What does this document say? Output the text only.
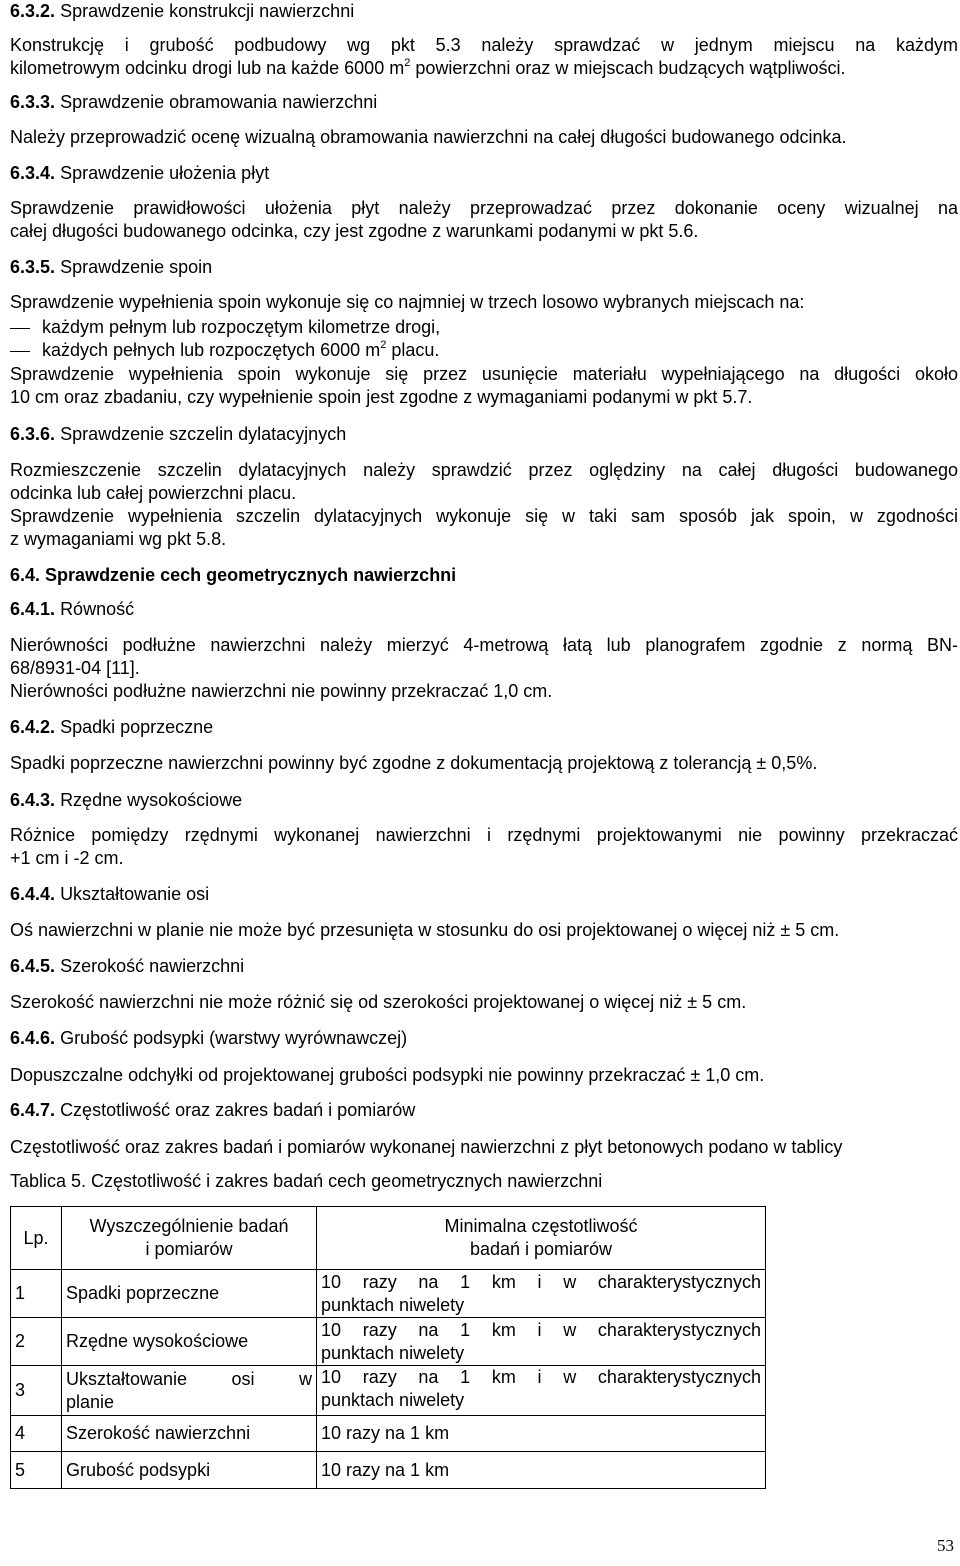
6.3.2. Sprawdzenie konstrukcji nawierzchni
Konstrukcję i grubość podbudowy wg pkt 5.3 należy sprawdzać w jednym miejscu na każdym
kilometrowym odcinku drogi lub na każde 6000 $m^2$ powierzchni oraz w miejscach budzących wątpliwości.
6.3.3. Sprawdzenie obramowania nawierzchni
Należy przeprowadzić ocenę wizualną obramowania nawierzchni na całej długości budowanego odcinka.
6.3.4. Sprawdzenie ułożenia płyt
Sprawdzenie prawidłowości ułożenia płyt należy przeprowadzać przez dokonanie oceny wizualnej na
całej długości budowanego odcinka, czy jest zgodne z warunkami podanymi w pkt 5.6.
6.3.5. Sprawdzenie spoin
Sprawdzenie wypełnienia spoin wykonuje się co najmniej w trzech losowo wybranych miejscach na:
każdym pełnym lub rozpoczętym kilometrze drogi,
każdych pełnych lub rozpoczętych 6000 $m^2$ placu.
Sprawdzenie wypełnienia spoin wykonuje się przez usunięcie materiału wypełniającego na długości około
10 cm oraz zbadaniu, czy wypełnienie spoin jest zgodne z wymaganiami podanymi w pkt 5.7.
6.3.6. Sprawdzenie szczelin dylatacyjnych
Rozmieszczenie szczelin dylatacyjnych należy sprawdzić przez oględziny na całej długości budowanego
odcinka lub całej powierzchni placu.
Sprawdzenie wypełnienia szczelin dylatacyjnych wykonuje się w taki sam sposób jak spoin, w zgodności
z wymaganiami wg pkt 5.8.
6.4. Sprawdzenie cech geometrycznych nawierzchni
6.4.1. Równość
Nierówności podłużne nawierzchni należy mierzyć 4-metrową łatą lub planografem zgodnie z normą BN-
68/8931-04 [11].
Nierówności podłużne nawierzchni nie powinny przekraczać 1,0 cm.
6.4.2. Spadki poprzeczne
Spadki poprzeczne nawierzchni powinny być zgodne z dokumentacją projektową z tolerancją ± 0,5%.
6.4.3. Rzędne wysokościowe
Różnice pomiędzy rzędnymi wykonanej nawierzchni i rzędnymi projektowanymi nie powinny przekraczać
+1 cm i -2 cm.
6.4.4. Ukształtowanie osi
Oś nawierzchni w planie nie może być przesunięta w stosunku do osi projektowanej o więcej niż ± 5 cm.
6.4.5. Szerokość nawierzchni
Szerokość nawierzchni nie może różnić się od szerokości projektowanej o więcej niż ± 5 cm.
6.4.6. Grubość podsypki (warstwy wyrównawczej)
Dopuszczalne odchyłki od projektowanej grubości podsypki nie powinny przekraczać ± 1,0 cm.
6.4.7. Częstotliwość oraz zakres badań i pomiarów
Częstotliwość oraz zakres badań i pomiarów wykonanej nawierzchni z płyt betonowych podano w tablicy
Tablica 5. Częstotliwość i zakres badań cech geometrycznych nawierzchni
Lp.	Wyszczególnienie badań
i pomiarów	Minimalna częstotliwość
badań i pomiarów
1	Spadki poprzeczne	10 razy na 1 km i w charakterystycznych
punktach niwelety
2	Rzędne wysokościowe	10 razy na 1 km i w charakterystycznych
punktach niwelety
3	Ukształtowanie osi w
planie	10 razy na 1 km i w charakterystycznych
punktach niwelety
4	Szerokość nawierzchni	10 razy na 1 km
5	Grubość podsypki	10 razy na 1 km
53
